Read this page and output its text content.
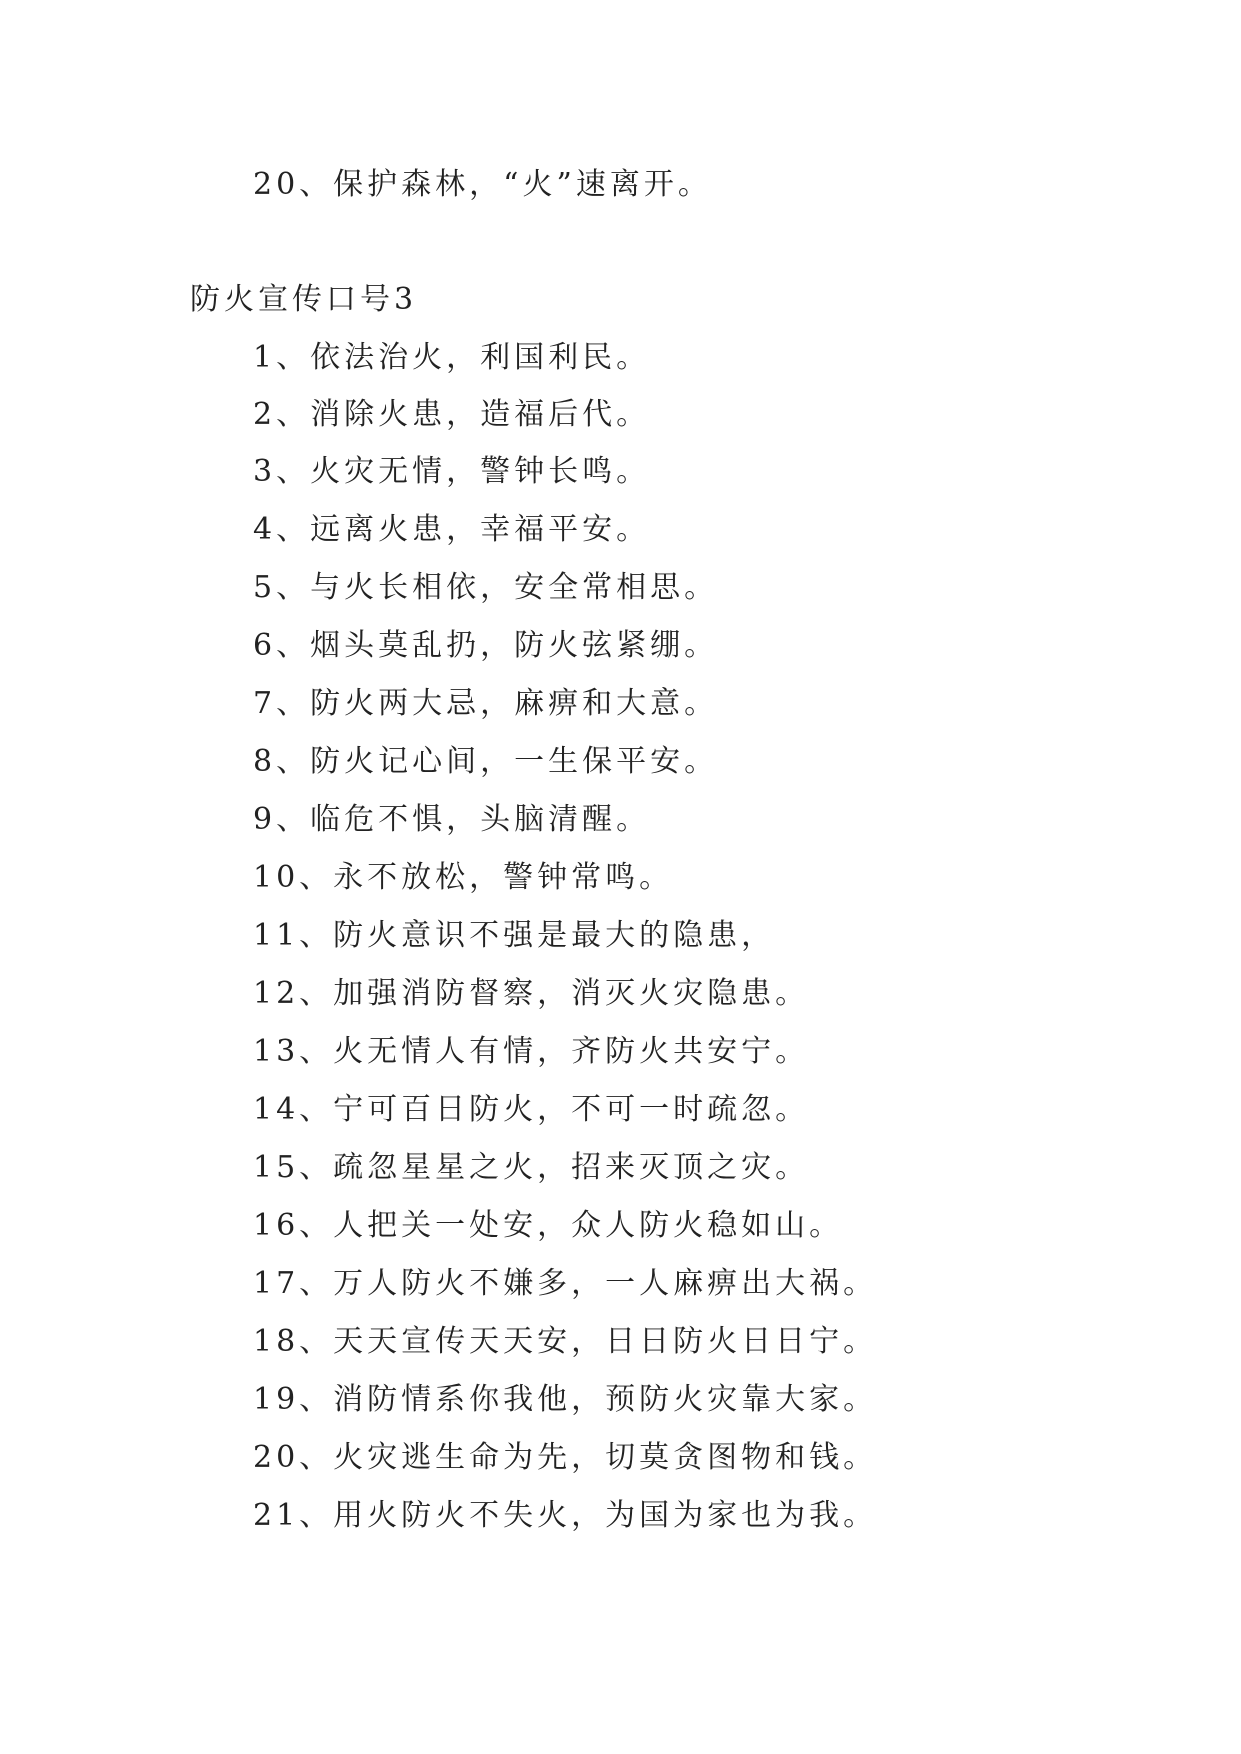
20、保护森林，“火”速离开。
防火宣传口号3
1、依法治火，利国利民。
2、消除火患，造福后代。
3、火灾无情，警钟长鸣。
4、远离火患，幸福平安。
5、与火长相依，安全常相思。
6、烟头莫乱扔，防火弦紧绷。
7、防火两大忌，麻痹和大意。
8、防火记心间，一生保平安。
9、临危不惧，头脑清醒。
10、永不放松，警钟常鸣。
11、防火意识不强是最大的隐患，
12、加强消防督察，消灭火灾隐患。
13、火无情人有情，齐防火共安宁。
14、宁可百日防火，不可一时疏忽。
15、疏忽星星之火，招来灭顶之灾。
16、人把关一处安，众人防火稳如山。
17、万人防火不嫌多，一人麻痹出大祸。
18、天天宣传天天安，日日防火日日宁。
19、消防情系你我他，预防火灾靠大家。
20、火灾逃生命为先，切莫贪图物和钱。
21、用火防火不失火，为国为家也为我。
